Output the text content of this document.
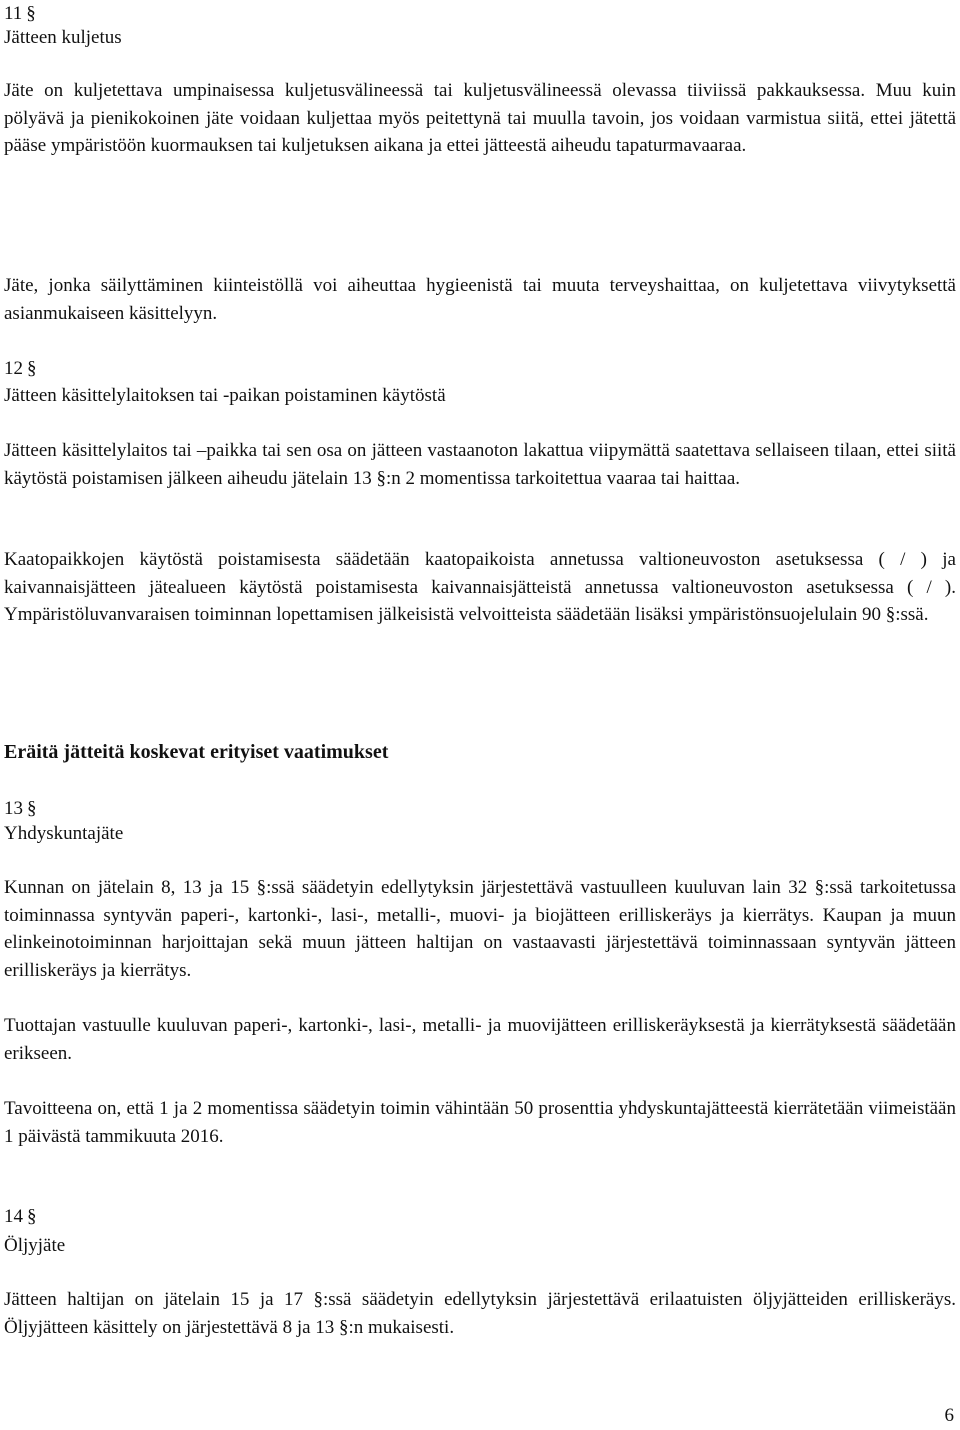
11 §
Jätteen kuljetus

Jäte on kuljetettava umpinaisessa kuljetusvälineessä tai kuljetusvälineessä olevassa tiiviissä pakkauksessa. Muu kuin pölyävä ja pienikokoinen jäte voidaan kuljettaa myös peitettynä tai muulla tavoin, jos voidaan varmistua siitä, ettei jätettä pääse ympäristöön kuormauksen tai kuljetuksen aikana ja ettei jätteestä aiheudu tapaturmavaaraa.

Jäte, jonka säilyttäminen kiinteistöllä voi aiheuttaa hygieenistä tai muuta terveyshaittaa, on kuljetettava viivytyksettä asianmukaiseen käsittelyyn.

12 §
Jätteen käsittelylaitoksen tai -paikan poistaminen käytöstä

Jätteen käsittelylaitos tai –paikka tai sen osa on jätteen vastaanoton lakattua viipymättä saatettava sellaiseen tilaan, ettei siitä käytöstä poistamisen jälkeen aiheudu jätelain 13 §:n 2 momentissa tarkoitettua vaaraa tai haittaa.

Kaatopaikkojen käytöstä poistamisesta säädetään kaatopaikoista annetussa valtioneuvoston asetuksessa ( / ) ja kaivannaisjätteen jätealueen käytöstä poistamisesta kaivannaisjätteistä annetussa valtioneuvoston asetuksessa ( / ). Ympäristöluvanvaraisen toiminnan lopettamisen jälkeisistä velvoitteista säädetään lisäksi ympäristönsuojelulain 90 §:ssä.

Eräitä jätteitä koskevat erityiset vaatimukset
13 §
Yhdyskuntajäte

Kunnan on jätelain 8, 13 ja 15 §:ssä säädetyin edellytyksin järjestettävä vastuulleen kuuluvan lain 32 §:ssä tarkoitetussa toiminnassa syntyvän paperi-, kartonki-, lasi-, metalli-, muovi- ja biojätteen erilliskeräys ja kierrätys. Kaupan ja muun elinkeinotoiminnan harjoittajan sekä muun jätteen haltijan on vastaavasti järjestettävä toiminnassaan syntyvän jätteen erilliskeräys ja kierrätys.

Tuottajan vastuulle kuuluvan paperi-, kartonki-, lasi-, metalli- ja muovijätteen erilliskeräyksestä ja kierrätyksestä säädetään erikseen.

Tavoitteena on, että 1 ja 2 momentissa säädetyin toimin vähintään 50 prosenttia yhdyskuntajätteestä kierrätetään viimeistään 1 päivästä tammikuuta 2016.

14 §
Öljyjäte

Jätteen haltijan on jätelain 15 ja 17 §:ssä säädetyin edellytyksin järjestettävä erilaatuisten öljyjätteiden erilliskeräys. Öljyjätteen käsittely on järjestettävä 8 ja 13 §:n mukaisesti.

6
